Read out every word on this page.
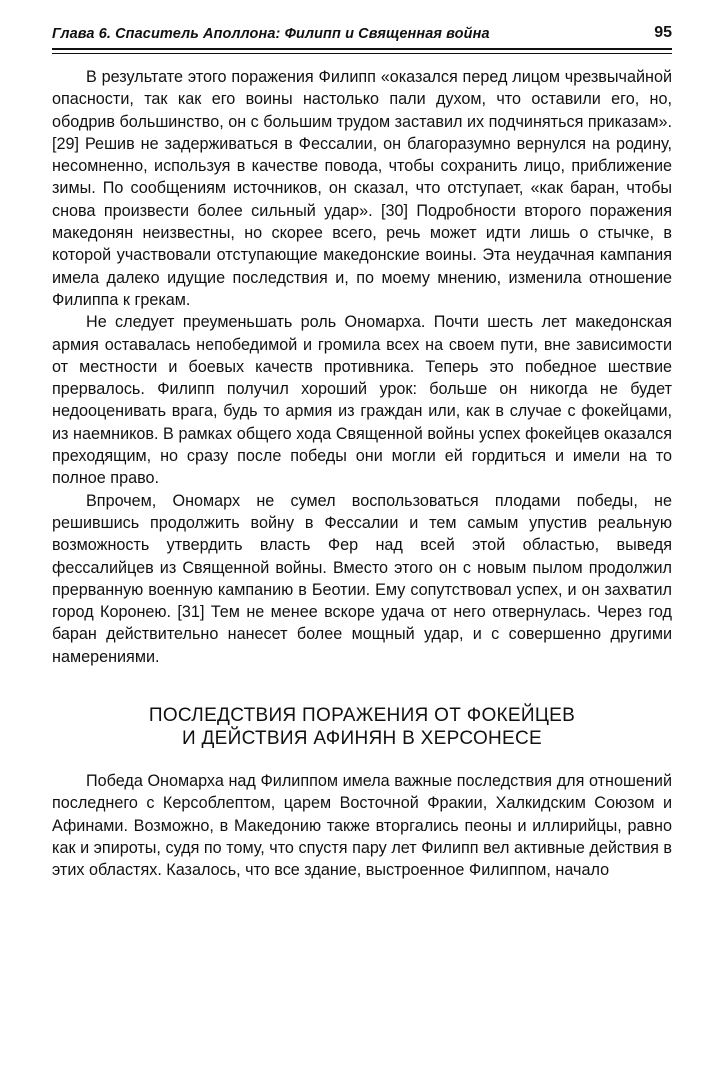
Глава 6. Спаситель Аполлона: Филипп и Священная война	95

В результате этого поражения Филипп «оказался перед лицом чрезвычайной опасности, так как его воины настолько пали духом, что оставили его, но, ободрив большинство, он с большим трудом заставил их подчиняться приказам». [29] Решив не задерживаться в Фессалии, он благоразумно вернулся на родину, несомненно, используя в качестве повода, чтобы сохранить лицо, приближение зимы. По сообщениям источников, он сказал, что отступает, «как баран, чтобы снова произвести более сильный удар». [30] Подробности второго поражения македонян неизвестны, но скорее всего, речь может идти лишь о стычке, в которой участвовали отступающие македонские воины. Эта неудачная кампания имела далеко идущие последствия и, по моему мнению, изменила отношение Филиппа к грекам.

Не следует преуменьшать роль Ономарха. Почти шесть лет македонская армия оставалась непобедимой и громила всех на своем пути, вне зависимости от местности и боевых качеств противника. Теперь это победное шествие прервалось. Филипп получил хороший урок: больше он никогда не будет недооценивать врага, будь то армия из граждан или, как в случае с фокейцами, из наемников. В рамках общего хода Священной войны успех фокейцев оказался преходящим, но сразу после победы они могли ей гордиться и имели на то полное право.

Впрочем, Ономарх не сумел воспользоваться плодами победы, не решившись продолжить войну в Фессалии и тем самым упустив реальную возможность утвердить власть Фер над всей этой областью, выведя фессалийцев из Священной войны. Вместо этого он с новым пылом продолжил прерванную военную кампанию в Беотии. Ему сопутствовал успех, и он захватил город Коронею. [31] Тем не менее вскоре удача от него отвернулась. Через год баран действительно нанесет более мощный удар, и с совершенно другими намерениями.

ПОСЛЕДСТВИЯ ПОРАЖЕНИЯ ОТ ФОКЕЙЦЕВ
И ДЕЙСТВИЯ АФИНЯН В ХЕРСОНЕСЕ

Победа Ономарха над Филиппом имела важные последствия для отношений последнего с Керсоблептом, царем Восточной Фракии, Халкидским Союзом и Афинами. Возможно, в Македонию также вторгались пеоны и иллирийцы, равно как и эпироты, судя по тому, что спустя пару лет Филипп вел активные действия в этих областях. Казалось, что все здание, выстроенное Филиппом, начало
